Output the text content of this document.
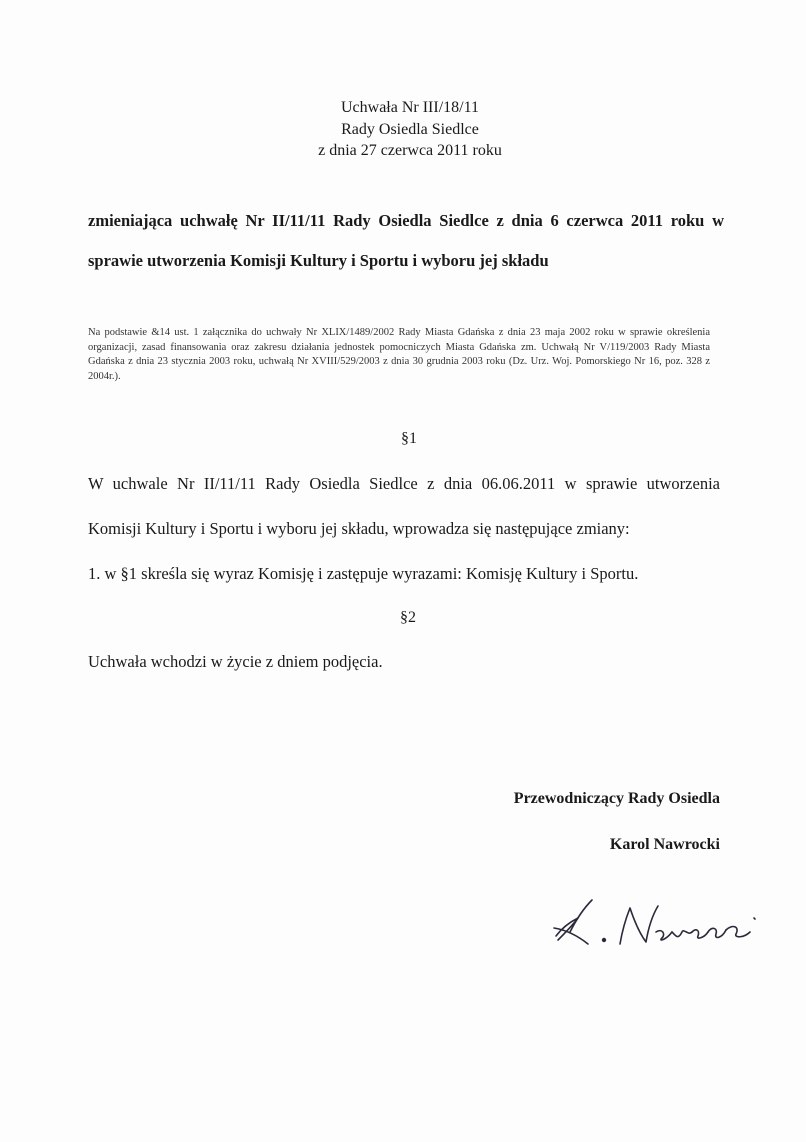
Uchwała Nr III/18/11
Rady Osiedla Siedlce
z dnia 27 czerwca 2011 roku
zmieniająca uchwałę Nr II/11/11 Rady Osiedla Siedlce z dnia 6 czerwca 2011 roku w
sprawie utworzenia Komisji Kultury i Sportu i wyboru jej składu
Na podstawie &14 ust. 1 załącznika do uchwały Nr XLIX/1489/2002 Rady Miasta Gdańska z dnia 23 maja 2002 roku w sprawie określenia organizacji, zasad finansowania oraz zakresu działania jednostek pomocniczych Miasta Gdańska zm. Uchwałą Nr V/119/2003 Rady Miasta Gdańska z dnia 23 stycznia 2003 roku, uchwałą Nr XVIII/529/2003 z dnia 30 grudnia 2003 roku (Dz. Urz. Woj. Pomorskiego Nr 16, poz. 328 z 2004r.).
§1
W uchwale Nr II/11/11 Rady Osiedla Siedlce z dnia 06.06.2011 w sprawie utworzenia
Komisji Kultury i Sportu i wyboru jej składu, wprowadza się następujące zmiany:
1. w §1 skreśla się wyraz Komisję i zastępuje wyrazami: Komisję Kultury i Sportu.
§2
Uchwała wchodzi w życie z dniem podjęcia.
Przewodniczący Rady Osiedla
Karol Nawrocki
